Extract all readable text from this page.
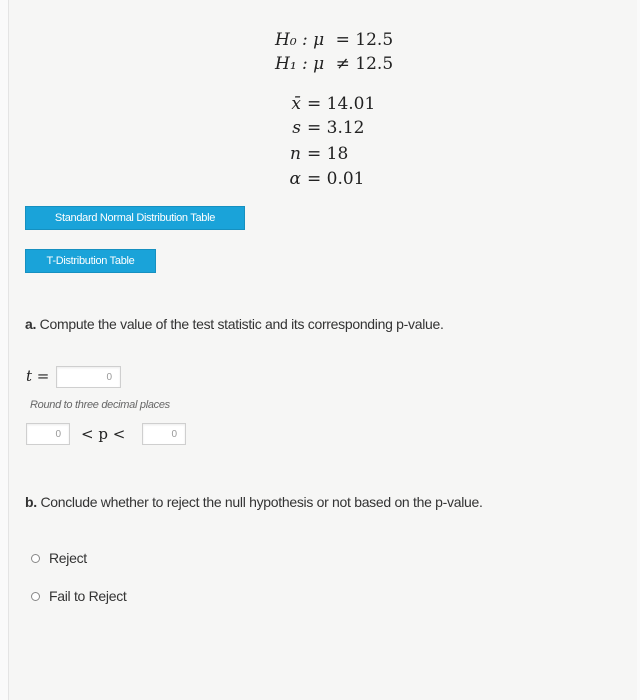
H₀ : μ = 12.5
H₁ : μ ≠ 12.5
x̄ = 14.01
s = 3.12
n = 18
α = 0.01
Standard Normal Distribution Table
T-Distribution Table
a. Compute the value of the test statistic and its corresponding p-value.
t =	0
Round to three decimal places
0	< p <	0
b. Conclude whether to reject the null hypothesis or not based on the p-value.
Reject
Fail to Reject
